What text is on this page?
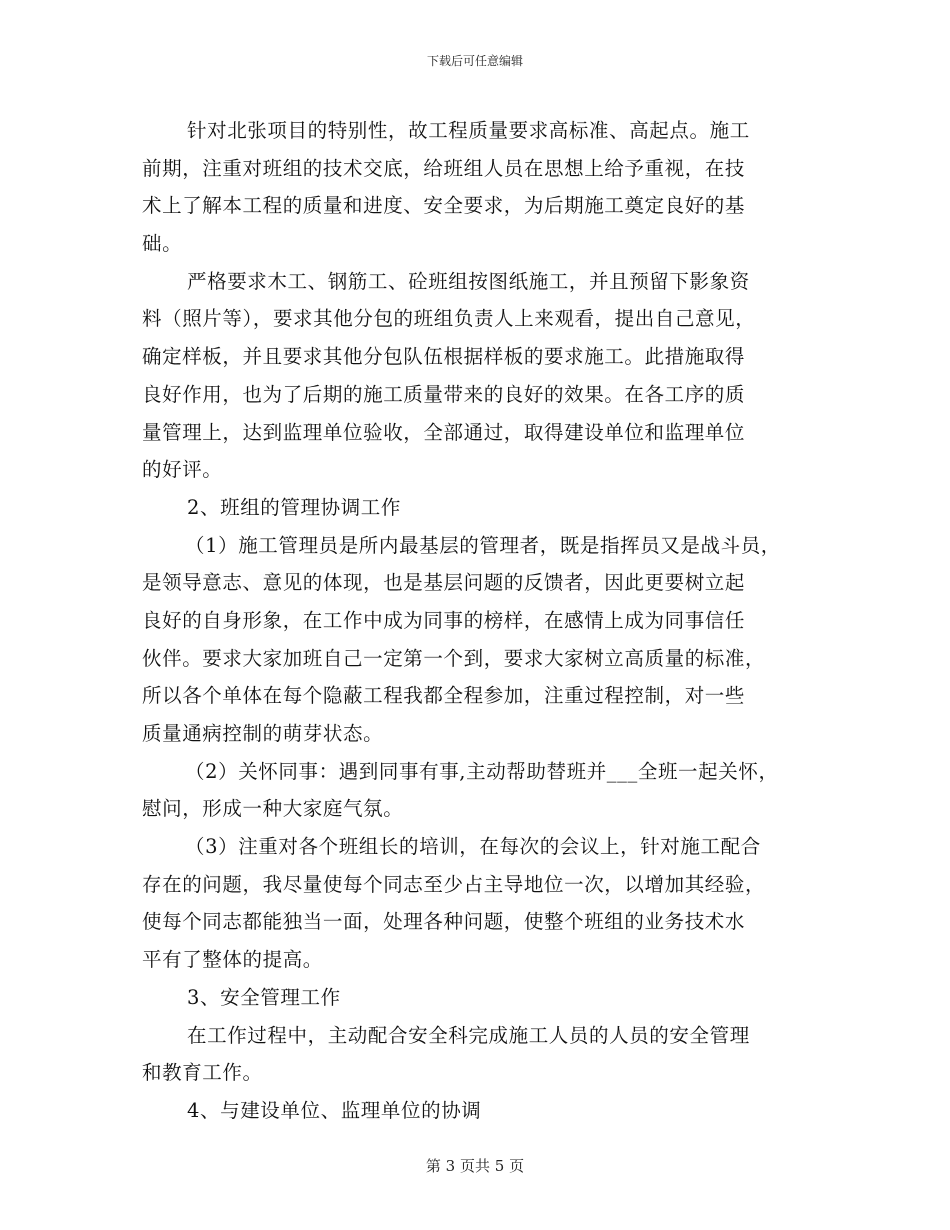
下载后可任意编辑
针对北张项目的特别性，故工程质量要求高标准、高起点。施工
前期，注重对班组的技术交底，给班组人员在思想上给予重视，在技
术上了解本工程的质量和进度、安全要求，为后期施工奠定良好的基
础。
严格要求木工、钢筋工、砼班组按图纸施工，并且预留下影象资
料（照片等），要求其他分包的班组负责人上来观看，提出自己意见，
确定样板，并且要求其他分包队伍根据样板的要求施工。此措施取得
良好作用，也为了后期的施工质量带来的良好的效果。在各工序的质
量管理上，达到监理单位验收，全部通过，取得建设单位和监理单位
的好评。
2、班组的管理协调工作
（1）施工管理员是所内最基层的管理者，既是指挥员又是战斗员，
是领导意志、意见的体现，也是基层问题的反馈者，因此更要树立起
良好的自身形象，在工作中成为同事的榜样，在感情上成为同事信任
伙伴。要求大家加班自己一定第一个到，要求大家树立高质量的标准，
所以各个单体在每个隐蔽工程我都全程参加，注重过程控制，对一些
质量通病控制的萌芽状态。
（2）关怀同事：遇到同事有事,主动帮助替班并___全班一起关怀，
慰问，形成一种大家庭气氛。
（3）注重对各个班组长的培训，在每次的会议上，针对施工配合
存在的问题，我尽量使每个同志至少占主导地位一次，以增加其经验，
使每个同志都能独当一面，处理各种问题，使整个班组的业务技术水
平有了整体的提高。
3、安全管理工作
在工作过程中，主动配合安全科完成施工人员的人员的安全管理
和教育工作。
4、与建设单位、监理单位的协调
第 3 页共 5 页
